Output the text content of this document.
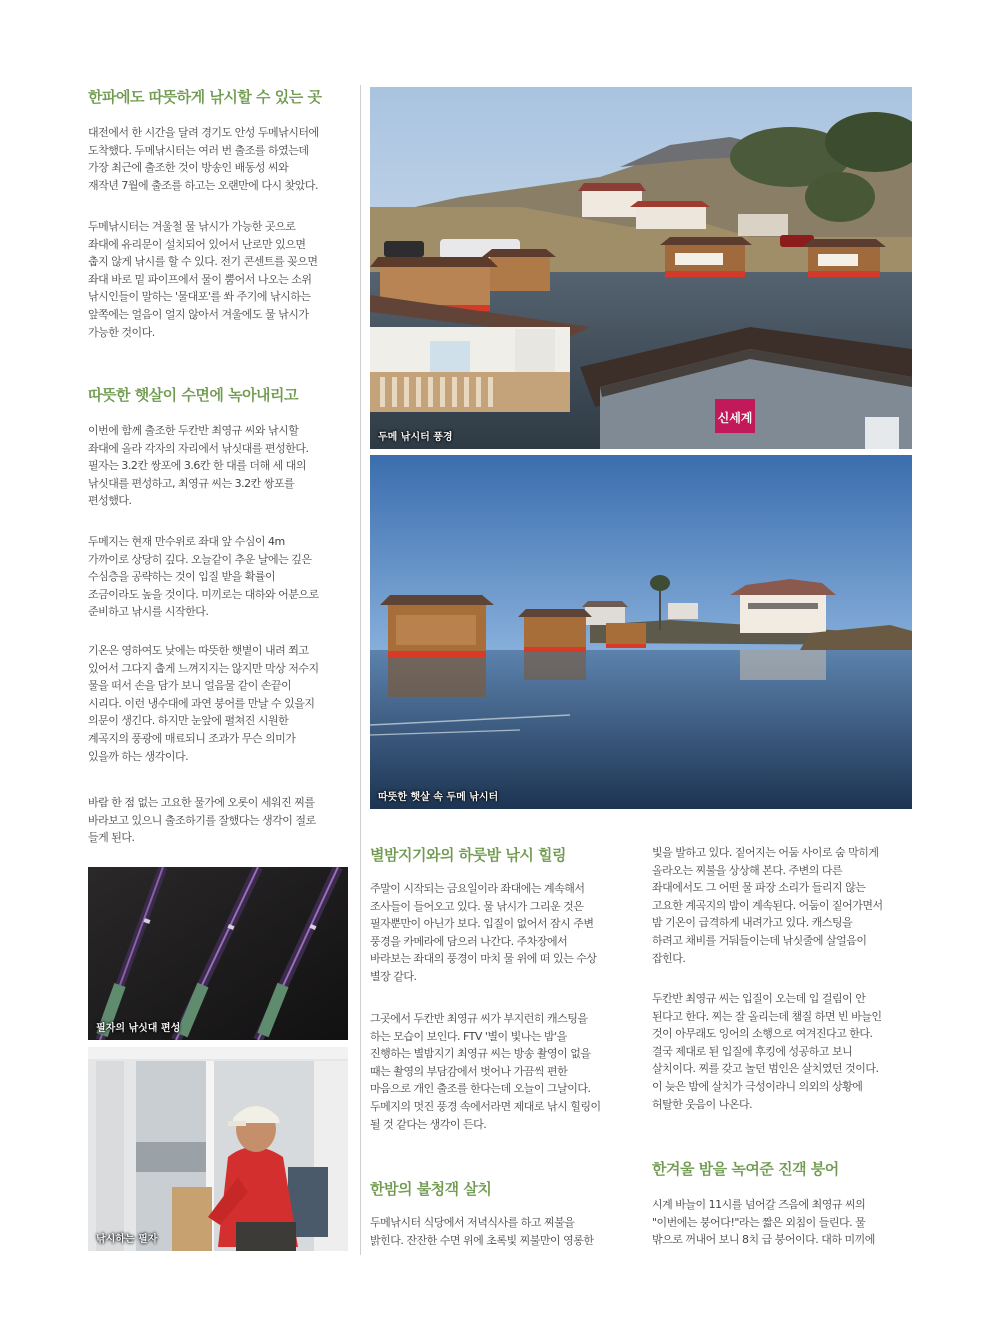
한파에도 따뜻하게 낚시할 수 있는 곳

대전에서 한 시간을 달려 경기도 안성 두메낚시터에
도착했다. 두메낚시터는 여러 번 출조를 하였는데
가장 최근에 출조한 것이 방송인 배동성 씨와
재작년 7월에 출조를 하고는 오랜만에 다시 찾았다.

두메낚시터는 겨울철 물 낚시가 가능한 곳으로
좌대에 유리문이 설치되어 있어서 난로만 있으면
춥지 않게 낚시를 할 수 있다. 전기 콘센트를 꽂으면
좌대 바로 밑 파이프에서 물이 뿜어서 나오는 소위
낚시인들이 말하는 '물대포'를 쏴 주기에 낚시하는
앞쪽에는 얼음이 얼지 않아서 겨울에도 물 낚시가
가능한 것이다.

따뜻한 햇살이 수면에 녹아내리고

이번에 함께 출조한 두칸반 최영규 씨와 낚시할
좌대에 올라 각자의 자리에서 낚싯대를 편성한다.
필자는 3.2칸 쌍포에 3.6칸 한 대를 더해 세 대의
낚싯대를 편성하고, 최영규 씨는 3.2칸 쌍포를
편성했다.

두메지는 현재 만수위로 좌대 앞 수심이 4m
가까이로 상당히 깊다. 오늘같이 추운 날에는 깊은
수심층을 공략하는 것이 입질 받을 확률이
조금이라도 높을 것이다. 미끼로는 대하와 어분으로
준비하고 낚시를 시작한다.

기온은 영하여도 낮에는 따뜻한 햇볕이 내려 쬐고
있어서 그다지 춥게 느껴지지는 않지만 막상 저수지
물을 떠서 손을 담가 보니 얼음물 같이 손끝이
시리다. 이런 냉수대에 과연 붕어를 만날 수 있을지
의문이 생긴다. 하지만 눈앞에 펼쳐진 시원한
계곡지의 풍광에 매료되니 조과가 무슨 의미가
있을까 하는 생각이다.

바람 한 점 없는 고요한 물가에 오롯이 세워진 찌를
바라보고 있으니 출조하기를 잘했다는 생각이 절로
들게 된다.

필자의 낚싯대 편성
낚시하는 필자
신세계
두메 낚시터 풍경
따뜻한 햇살 속 두메 낚시터
별밤지기와의 하룻밤 낚시 힐링

주말이 시작되는 금요일이라 좌대에는 계속해서
조사들이 들어오고 있다. 물 낚시가 그리운 것은
필자뿐만이 아닌가 보다. 입질이 없어서 잠시 주변
풍경을 카메라에 담으러 나간다. 주차장에서
바라보는 좌대의 풍경이 마치 물 위에 떠 있는 수상
별장 같다.

그곳에서 두칸반 최영규 씨가 부지런히 캐스팅을
하는 모습이 보인다. FTV '별이 빛나는 밤'을
진행하는 별밤지기 최영규 씨는 방송 촬영이 없을
때는 촬영의 부담감에서 벗어나 가끔씩 편한
마음으로 개인 출조를 한다는데 오늘이 그날이다.
두메지의 멋진 풍경 속에서라면 제대로 낚시 힐링이
될 것 같다는 생각이 든다.

한밤의 불청객 살치

두메낚시터 식당에서 저녁식사를 하고 찌불을
밝힌다. 잔잔한 수면 위에 초록빛 찌불만이 영롱한

빛을 발하고 있다. 짙어지는 어둠 사이로 숨 막히게
올라오는 찌불을 상상해 본다. 주변의 다른
좌대에서도 그 어떤 물 파장 소리가 들리지 않는
고요한 계곡지의 밤이 계속된다. 어둠이 짙어가면서
밤 기온이 급격하게 내려가고 있다. 캐스팅을
하려고 채비를 거둬들이는데 낚싯줄에 살얼음이
잡힌다.

두칸반 최영규 씨는 입질이 오는데 입 걸림이 안
된다고 한다. 찌는 잘 올리는데 챔질 하면 빈 바늘인
것이 아무래도 잉어의 소행으로 여겨진다고 한다.
결국 제대로 된 입질에 후킹에 성공하고 보니
살치이다. 찌를 갖고 놀던 범인은 살치였던 것이다.
이 늦은 밤에 살치가 극성이라니 의외의 상황에
허탈한 웃음이 나온다.

한겨울 밤을 녹여준 진객 붕어

시계 바늘이 11시를 넘어갈 즈음에 최영규 씨의
"이번에는 붕어다!"라는 짧은 외침이 들린다. 물
밖으로 꺼내어 보니 8치 급 붕어이다. 대하 미끼에
